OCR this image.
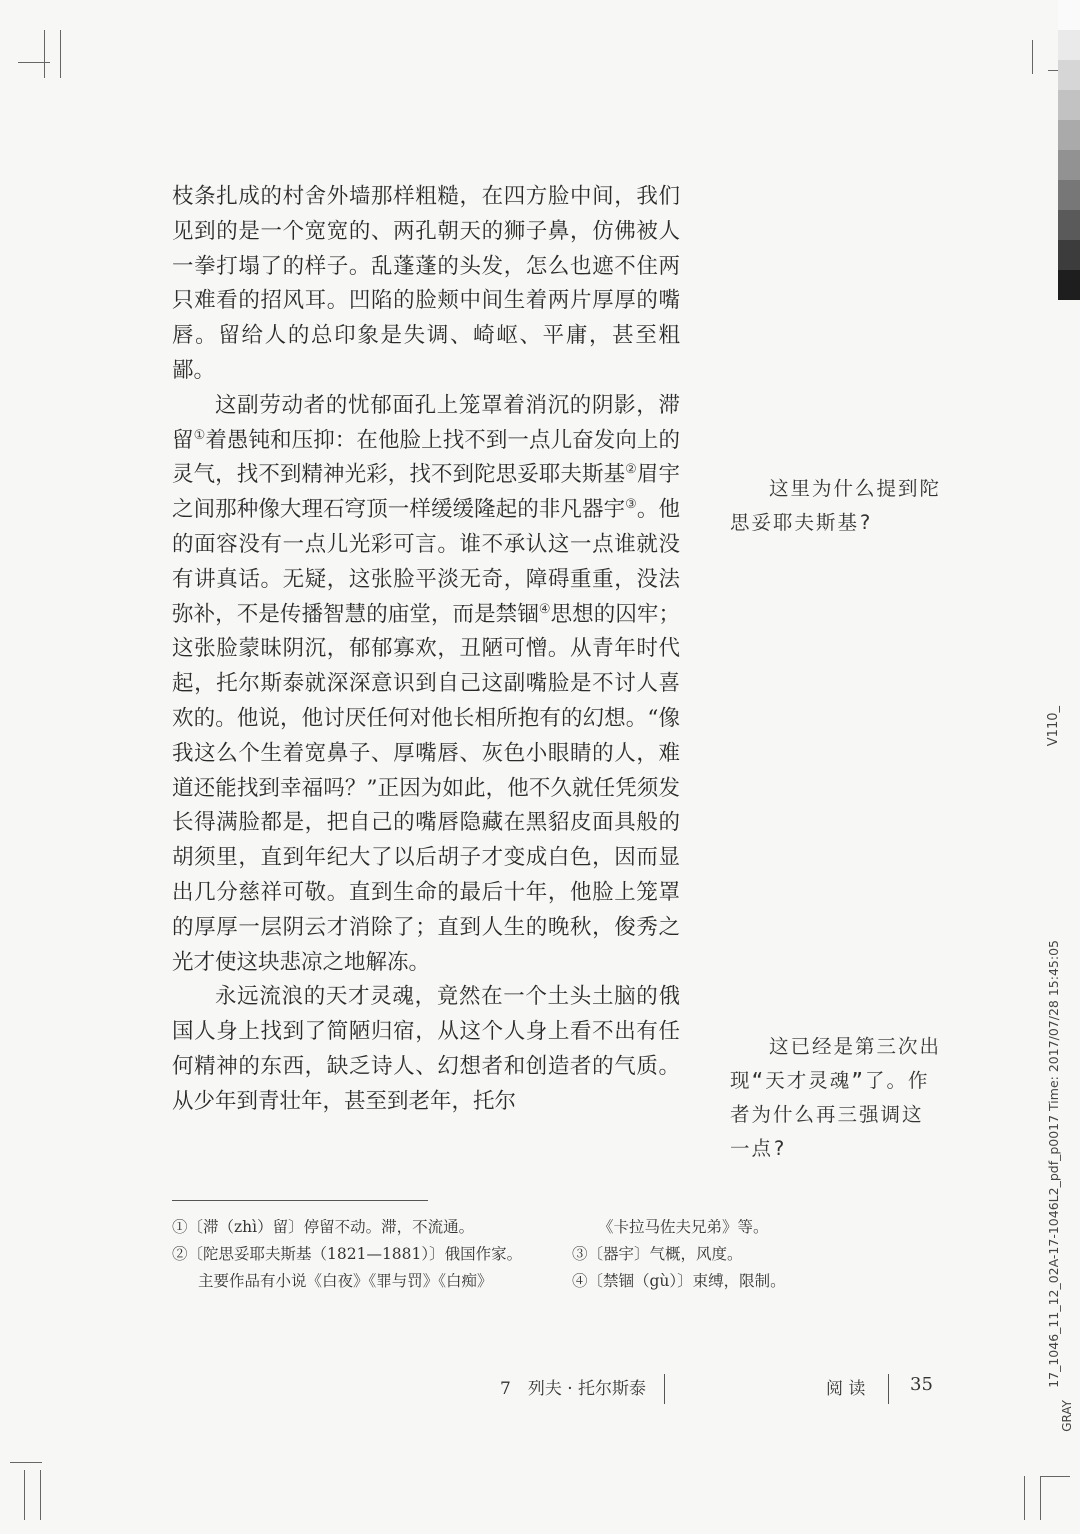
枝条扎成的村舍外墙那样粗糙，在四方脸中间，我们见到的是一个宽宽的、两孔朝天的狮子鼻，仿佛被人一拳打塌了的样子。乱蓬蓬的头发，怎么也遮不住两只难看的招风耳。凹陷的脸颊中间生着两片厚厚的嘴唇。留给人的总印象是失调、崎岖、平庸，甚至粗鄙。

这副劳动者的忧郁面孔上笼罩着消沉的阴影，滞留①着愚钝和压抑：在他脸上找不到一点儿奋发向上的灵气，找不到精神光彩，找不到陀思妥耶夫斯基②眉宇之间那种像大理石穹顶一样缓缓隆起的非凡器宇③。他的面容没有一点儿光彩可言。谁不承认这一点谁就没有讲真话。无疑，这张脸平淡无奇，障碍重重，没法弥补，不是传播智慧的庙堂，而是禁锢④思想的囚牢；这张脸蒙昧阴沉，郁郁寡欢，丑陋可憎。从青年时代起，托尔斯泰就深深意识到自己这副嘴脸是不讨人喜欢的。他说，他讨厌任何对他长相所抱有的幻想。“像我这么个生着宽鼻子、厚嘴唇、灰色小眼睛的人，难道还能找到幸福吗？”正因为如此，他不久就任凭须发长得满脸都是，把自己的嘴唇隐藏在黑貂皮面具般的胡须里，直到年纪大了以后胡子才变成白色，因而显出几分慈祥可敬。直到生命的最后十年，他脸上笼罩的厚厚一层阴云才消除了；直到人生的晚秋，俊秀之光才使这块悲凉之地解冻。

永远流浪的天才灵魂，竟然在一个土头土脑的俄国人身上找到了简陋归宿，从这个人身上看不出有任何精神的东西，缺乏诗人、幻想者和创造者的气质。从少年到青壮年，甚至到老年，托尔

这里为什么提到陀思妥耶夫斯基?

这已经是第三次出现“天才灵魂”了。作者为什么再三强调这一点?

①〔滞（zhì）留〕停留不动。滞，不流通。

②〔陀思妥耶夫斯基（1821—1881）〕俄国作家。

主要作品有小说《白夜》《罪与罚》《白痴》

《卡拉马佐夫兄弟》等。

③〔器宇〕气概，风度。

④〔禁锢（gù）〕束缚，限制。

7　列夫 · 托尔斯泰	阅 读 35
V110_
17_1046_11_12_02A-17-1046L2_pdf_p0017 Time: 2017/07/28 15:45:05
GRAY
